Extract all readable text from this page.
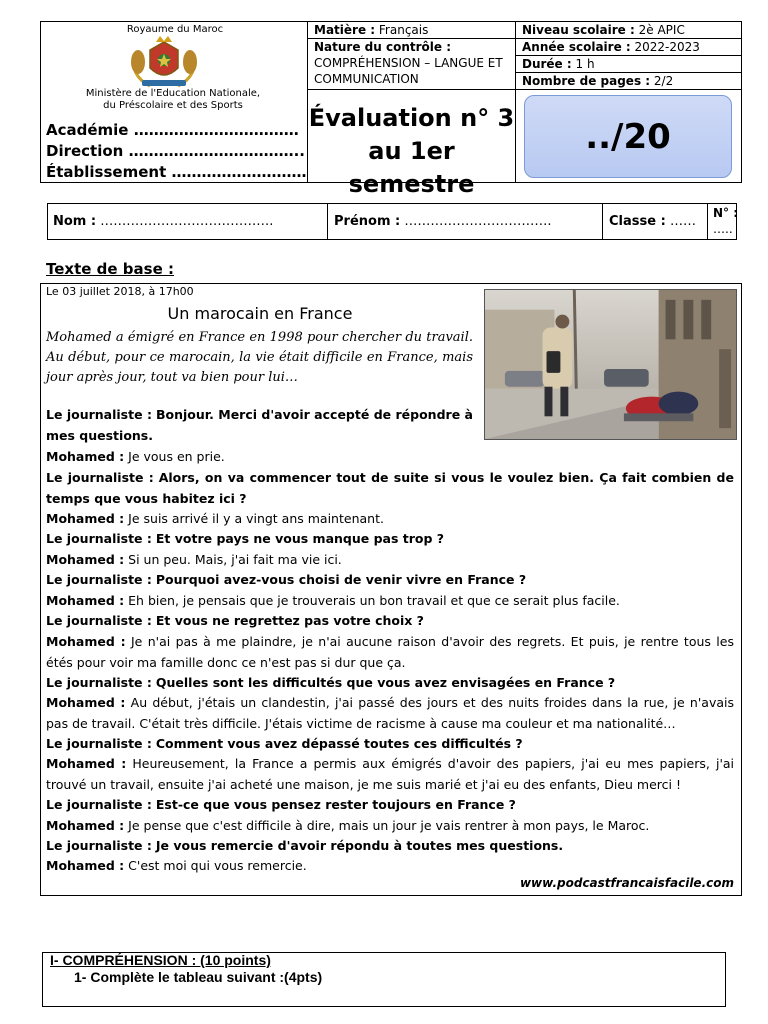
Royaume du Maroc
Ministère de l'Education Nationale,
du Préscolaire et des Sports
Académie ……………………………
Direction ……………………………..
Établissement ………………………
Matière : Français
Nature du contrôle :
COMPRÉHENSION – LANGUE ET
COMMUNICATION
Niveau scolaire : 2è APIC
Année scolaire : 2022-2023
Durée : 1 h
Nombre de pages : 2/2
Évaluation n° 3
au 1er semestre
../20
Nom : ………………………………….	Prénom : …………………………….	Classe : ……
N° :
…..
Texte de base :
Le 03 juillet 2018, à 17h00
Un marocain en France
Mohamed a émigré en France en 1998 pour chercher du travail. Au début, pour ce marocain, la vie était difficile en France, mais jour après jour, tout va bien pour lui…
Le journaliste : Bonjour. Merci d'avoir accepté de répondre à mes questions.
Mohamed : Je vous en prie.
Le journaliste : Alors, on va commencer tout de suite si vous le voulez bien. Ça fait combien de temps que vous habitez ici ?
Mohamed : Je suis arrivé il y a vingt ans maintenant.
Le journaliste : Et votre pays ne vous manque pas trop ?
Mohamed : Si un peu. Mais, j'ai fait ma vie ici.
Le journaliste : Pourquoi avez-vous choisi de venir vivre en France ?
Mohamed : Eh bien, je pensais que je trouverais un bon travail et que ce serait plus facile.
Le journaliste : Et vous ne regrettez pas votre choix ?
Mohamed : Je n'ai pas à me plaindre, je n'ai aucune raison d'avoir des regrets. Et puis, je rentre tous les étés pour voir ma famille donc ce n'est pas si dur que ça.
Le journaliste : Quelles sont les difficultés que vous avez envisagées en France ?
Mohamed : Au début, j'étais un clandestin, j'ai passé des jours et des nuits froides dans la rue, je n'avais pas de travail. C'était très difficile. J'étais victime de racisme à cause ma couleur et ma nationalité…
Le journaliste : Comment vous avez dépassé toutes ces difficultés ?
Mohamed : Heureusement, la France a permis aux émigrés d'avoir des papiers, j'ai eu mes papiers, j'ai trouvé un travail, ensuite j'ai acheté une maison, je me suis marié et j'ai eu des enfants, Dieu merci !
Le journaliste : Est-ce que vous pensez rester toujours en France ?
Mohamed : Je pense que c'est difficile à dire, mais un jour je vais rentrer à mon pays, le Maroc.
Le journaliste : Je vous remercie d'avoir répondu à toutes mes questions.
Mohamed : C'est moi qui vous remercie.
www.podcastfrancaisfacile.com
I- COMPRÉHENSION : (10 points)
1- Complète le tableau suivant :(4pts)
